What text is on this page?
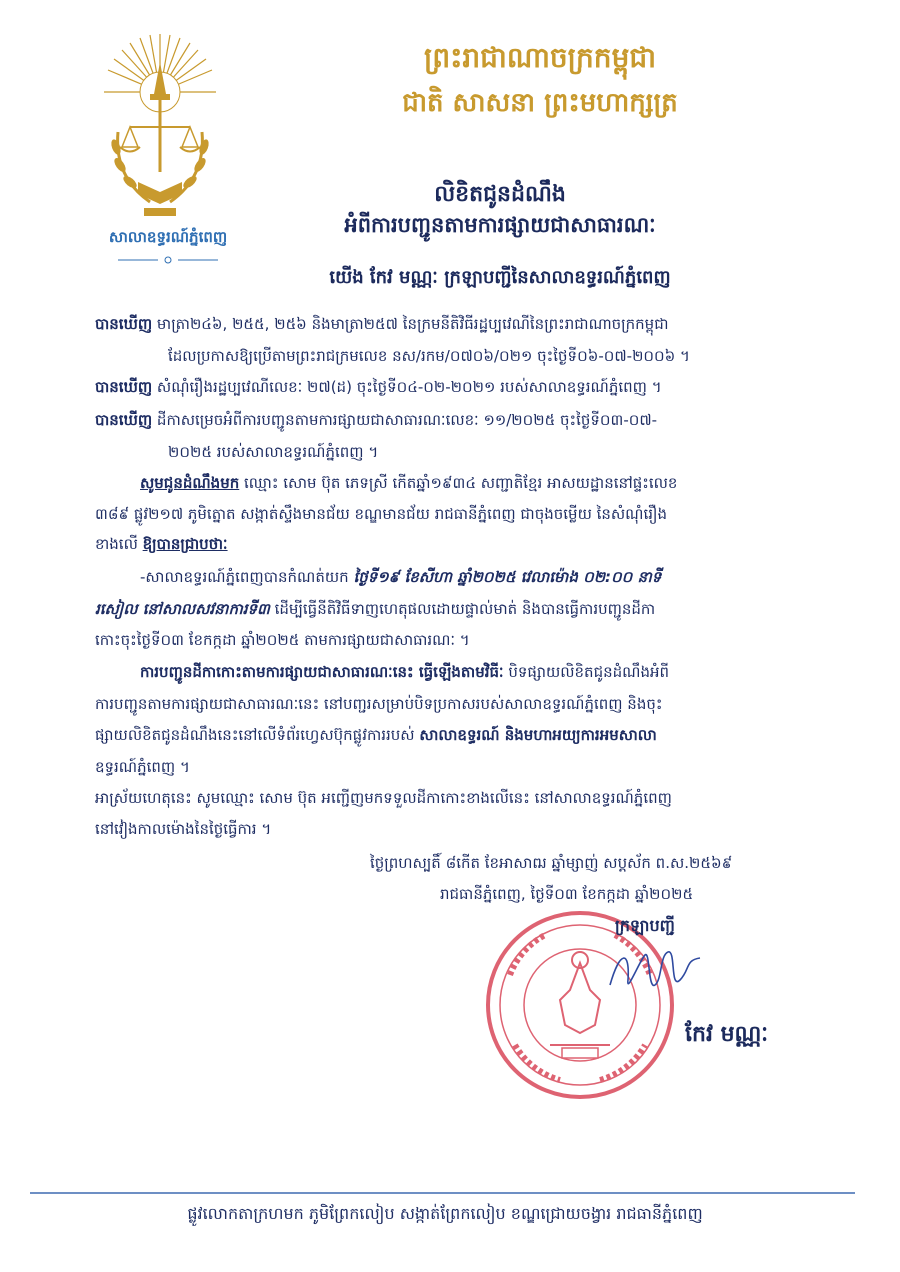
ព្រះរាជាណាចក្រកម្ពុជា
ជាតិ សាសនា ព្រះមហាក្សត្រ
សាលាឧទ្ធរណ៍ភ្នំពេញ
លិខិតជូនដំណឹង
អំពីការបញ្ជូនតាមការផ្សាយជាសាធារណៈ
យើង កែវ មណ្ណៈ ក្រឡាបញ្ជីនៃសាលាឧទ្ធរណ៍ភ្នំពេញ
បានឃើញ មាត្រា២៤៦, ២៥៥, ២៥៦ និងមាត្រា២៥៧ នៃក្រមនីតិវិធីរដ្ឋប្បវេណីនៃព្រះរាជាណាចក្រកម្ពុជា
ដែលប្រកាសឱ្យប្រើតាមព្រះរាជក្រមលេខ នស/រកម/០៧០៦/០២១ ចុះថ្ងៃទី០៦-០៧-២០០៦ ។
បានឃើញ សំណុំរឿងរដ្ឋប្បវេណីលេខៈ ២៧(ដ) ចុះថ្ងៃទី០៤-០២-២០២១ របស់សាលាឧទ្ធរណ៍ភ្នំពេញ ។
បានឃើញ ដីកាសម្រេចអំពីការបញ្ជូនតាមការផ្សាយជាសាធារណៈលេខៈ ១១/២០២៥ ចុះថ្ងៃទី០៣-០៧-
២០២៥ របស់សាលាឧទ្ធរណ៍ភ្នំពេញ ។
សូមជូនដំណឹងមក ឈ្មោះ សោម ប៊ុត ភេទស្រី កើតឆ្នាំ១៩៣៤ សញ្ជាតិខ្មែរ អាសយដ្ឋាននៅផ្ទះលេខ
៣៨៩ ផ្លូវ២១៧ ភូមិត្នោត សង្កាត់ស្ទឹងមានជ័យ ខណ្ឌមានជ័យ រាជធានីភ្នំពេញ ជាចុងចម្លើយ នៃសំណុំរឿង
ខាងលើ ឱ្យបានជ្រាបថាៈ
-សាលាឧទ្ធរណ៍ភ្នំពេញបានកំណត់យក ថ្ងៃទី១៩ ខែសីហា ឆ្នាំ២០២៥ វេលាម៉ោង ០២:០០ នាទី
រសៀល នៅសាលសវនាការទី៣ ដើម្បីធ្វើនីតិវិធីទាញហេតុផលដោយផ្ទាល់មាត់ និងបានធ្វើការបញ្ជូនដីកា
កោះចុះថ្ងៃទី០៣ ខែកក្កដា ឆ្នាំ២០២៥ តាមការផ្សាយជាសាធារណៈ ។
ការបញ្ជូនដីកាកោះតាមការផ្សាយជាសាធារណៈនេះ ធ្វើឡើងតាមវិធីៈ បិទផ្សាយលិខិតជូនដំណឹងអំពី
ការបញ្ជូនតាមការផ្សាយជាសាធារណៈនេះ នៅបញ្ជរសម្រាប់បិទប្រកាសរបស់សាលាឧទ្ធរណ៍ភ្នំពេញ និងចុះ
ផ្សាយលិខិតជូនដំណឹងនេះនៅលើទំព័រហ្វេសប៊ុកផ្លូវការរបស់ សាលាឧទ្ធរណ៍ និងមហាអយ្យការអមសាលា
ឧទ្ធរណ៍ភ្នំពេញ ។
អាស្រ័យហេតុនេះ សូមឈ្មោះ សោម ប៊ុត អញ្ជើញមកទទួលដីកាកោះខាងលើនេះ នៅសាលាឧទ្ធរណ៍ភ្នំពេញ
នៅវៀងកាលម៉ោងនៃថ្ងៃធ្វើការ ។
ថ្ងៃព្រហស្បតិ៍ ៨កើត ខែអាសាឍ ឆ្នាំម្សាញ់ សប្តស័ក ព.ស.២៥៦៩
រាជធានីភ្នំពេញ, ថ្ងៃទី០៣ ខែកក្កដា ឆ្នាំ២០២៥
ក្រឡាបញ្ជី
កែវ មណ្ណៈ
ផ្លូវលោកតាក្រហមក ភូមិព្រែកលៀប សង្កាត់ព្រែកលៀប ខណ្ឌជ្រោយចង្វារ រាជធានីភ្នំពេញ
